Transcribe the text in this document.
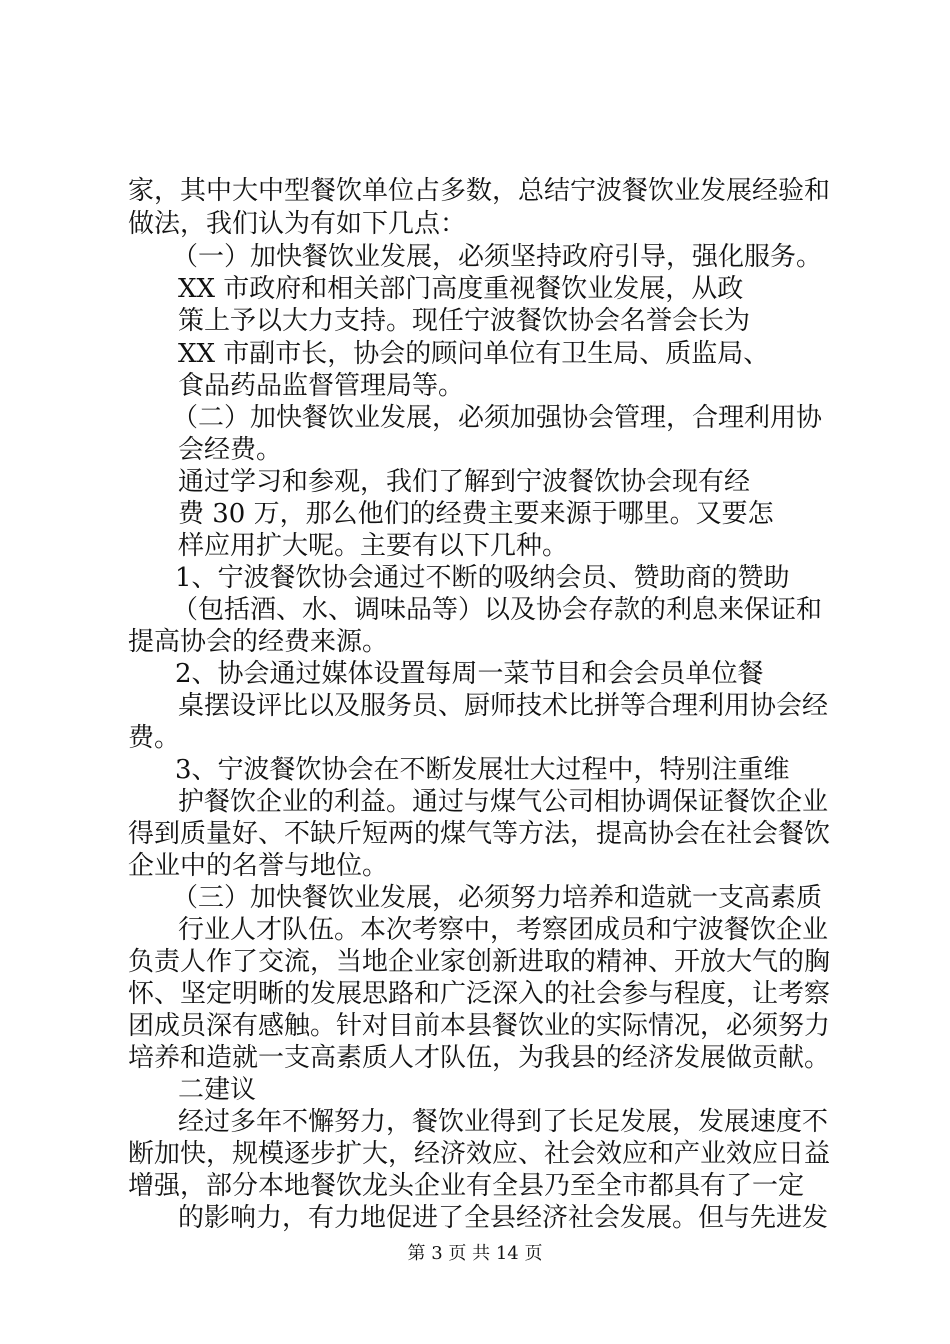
家，其中大中型餐饮单位占多数，总结宁波餐饮业发展经验和
做法，我们认为有如下几点：
（一）加快餐饮业发展，必须坚持政府引导，强化服务。
XX 市政府和相关部门高度重视餐饮业发展，从政
策上予以大力支持。现任宁波餐饮协会名誉会长为
XX 市副市长，协会的顾问单位有卫生局、质监局、
食品药品监督管理局等。
（二）加快餐饮业发展，必须加强协会管理，合理利用协
会经费。
通过学习和参观，我们了解到宁波餐饮协会现有经
费 30 万，那么他们的经费主要来源于哪里。又要怎
样应用扩大呢。主要有以下几种。
1、宁波餐饮协会通过不断的吸纳会员、赞助商的赞助
（包括酒、水、调味品等）以及协会存款的利息来保证和
提高协会的经费来源。
2、协会通过媒体设置每周一菜节目和会会员单位餐
桌摆设评比以及服务员、厨师技术比拼等合理利用协会经
费。
3、宁波餐饮协会在不断发展壮大过程中，特别注重维
护餐饮企业的利益。通过与煤气公司相协调保证餐饮企业
得到质量好、不缺斤短两的煤气等方法，提高协会在社会餐饮
企业中的名誉与地位。
（三）加快餐饮业发展，必须努力培养和造就一支高素质
行业人才队伍。本次考察中，考察团成员和宁波餐饮企业
负责人作了交流，当地企业家创新进取的精神、开放大气的胸
怀、坚定明晰的发展思路和广泛深入的社会参与程度，让考察
团成员深有感触。针对目前本县餐饮业的实际情况，必须努力
培养和造就一支高素质人才队伍，为我县的经济发展做贡献。
二建议
经过多年不懈努力，餐饮业得到了长足发展，发展速度不
断加快，规模逐步扩大，经济效应、社会效应和产业效应日益
增强，部分本地餐饮龙头企业有全县乃至全市都具有了一定
的影响力，有力地促进了全县经济社会发展。但与先进发
第 3 页 共 14 页
